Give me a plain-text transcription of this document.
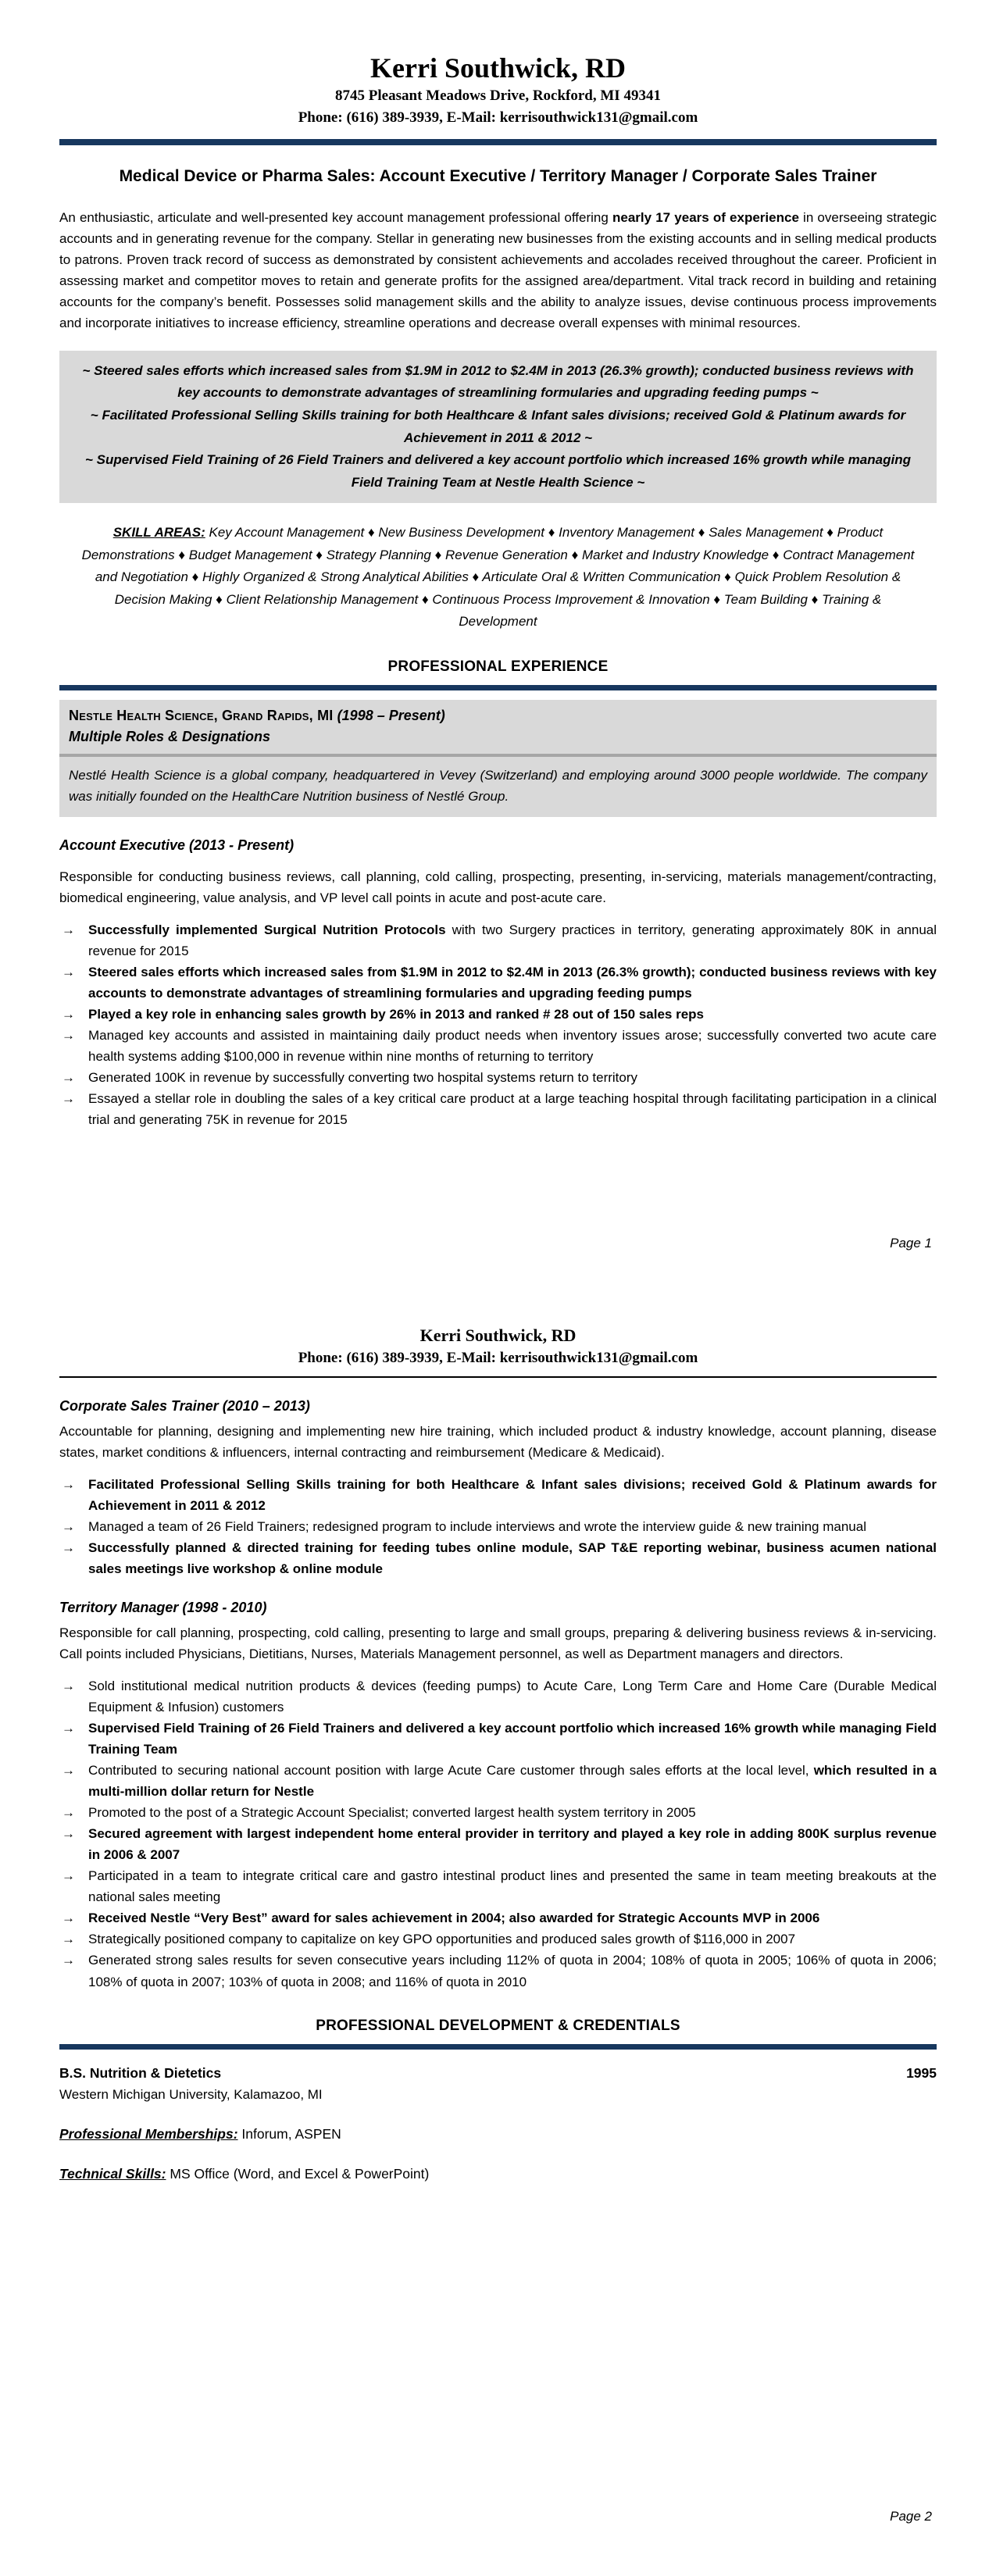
Kerri Southwick, RD
8745 Pleasant Meadows Drive, Rockford, MI 49341
Phone: (616) 389-3939, E-Mail: kerrisouthwick131@gmail.com
Medical Device or Pharma Sales: Account Executive / Territory Manager / Corporate Sales Trainer
An enthusiastic, articulate and well-presented key account management professional offering nearly 17 years of experience in overseeing strategic accounts and in generating revenue for the company. Stellar in generating new businesses from the existing accounts and in selling medical products to patrons. Proven track record of success as demonstrated by consistent achievements and accolades received throughout the career. Proficient in assessing market and competitor moves to retain and generate profits for the assigned area/department. Vital track record in building and retaining accounts for the company’s benefit. Possesses solid management skills and the ability to analyze issues, devise continuous process improvements and incorporate initiatives to increase efficiency, streamline operations and decrease overall expenses with minimal resources.
~ Steered sales efforts which increased sales from $1.9M in 2012 to $2.4M in 2013 (26.3% growth); conducted business reviews with key accounts to demonstrate advantages of streamlining formularies and upgrading feeding pumps ~
~ Facilitated Professional Selling Skills training for both Healthcare & Infant sales divisions; received Gold & Platinum awards for Achievement in 2011 & 2012 ~
~ Supervised Field Training of 26 Field Trainers and delivered a key account portfolio which increased 16% growth while managing Field Training Team at Nestle Health Science ~
SKILL AREAS: Key Account Management ♦ New Business Development ♦ Inventory Management ♦ Sales Management ♦ Product Demonstrations ♦ Budget Management ♦ Strategy Planning ♦ Revenue Generation ♦ Market and Industry Knowledge ♦ Contract Management and Negotiation ♦ Highly Organized & Strong Analytical Abilities ♦ Articulate Oral & Written Communication ♦ Quick Problem Resolution & Decision Making ♦ Client Relationship Management ♦ Continuous Process Improvement & Innovation ♦ Team Building ♦ Training & Development
PROFESSIONAL EXPERIENCE
Nestle Health Science, Grand Rapids, MI (1998 – Present)
Multiple Roles & Designations
Nestlé Health Science is a global company, headquartered in Vevey (Switzerland) and employing around 3000 people worldwide. The company was initially founded on the HealthCare Nutrition business of Nestlé Group.
Account Executive (2013 - Present)
Responsible for conducting business reviews, call planning, cold calling, prospecting, presenting, in-servicing, materials management/contracting, biomedical engineering, value analysis, and VP level call points in acute and post-acute care.
→	Successfully implemented Surgical Nutrition Protocols with two Surgery practices in territory, generating approximately 80K in annual revenue for 2015
→	Steered sales efforts which increased sales from $1.9M in 2012 to $2.4M in 2013 (26.3% growth); conducted business reviews with key accounts to demonstrate advantages of streamlining formularies and upgrading feeding pumps
→	Played a key role in enhancing sales growth by 26% in 2013 and ranked # 28 out of 150 sales reps
→	Managed key accounts and assisted in maintaining daily product needs when inventory issues arose; successfully converted two acute care health systems adding $100,000 in revenue within nine months of returning to territory
→	Generated 100K in revenue by successfully converting two hospital systems return to territory
→	Essayed a stellar role in doubling the sales of a key critical care product at a large teaching hospital through facilitating participation in a clinical trial and generating 75K in revenue for 2015
Page 1
Kerri Southwick, RD
Phone: (616) 389-3939, E-Mail: kerrisouthwick131@gmail.com
Corporate Sales Trainer (2010 – 2013)
Accountable for planning, designing and implementing new hire training, which included product & industry knowledge, account planning, disease states, market conditions & influencers, internal contracting and reimbursement (Medicare & Medicaid).
→	Facilitated Professional Selling Skills training for both Healthcare & Infant sales divisions; received Gold & Platinum awards for Achievement in 2011 & 2012
→	Managed a team of 26 Field Trainers; redesigned program to include interviews and wrote the interview guide & new training manual
→	Successfully planned & directed training for feeding tubes online module, SAP T&E reporting webinar, business acumen national sales meetings live workshop & online module
Territory Manager (1998 - 2010)
Responsible for call planning, prospecting, cold calling, presenting to large and small groups, preparing & delivering business reviews & in-servicing. Call points included Physicians, Dietitians, Nurses, Materials Management personnel, as well as Department managers and directors.
→	Sold institutional medical nutrition products & devices (feeding pumps) to Acute Care, Long Term Care and Home Care (Durable Medical Equipment & Infusion) customers
→	Supervised Field Training of 26 Field Trainers and delivered a key account portfolio which increased 16% growth while managing Field Training Team
→	Contributed to securing national account position with large Acute Care customer through sales efforts at the local level, which resulted in a multi-million dollar return for Nestle
→	Promoted to the post of a Strategic Account Specialist; converted largest health system territory in 2005
→	Secured agreement with largest independent home enteral provider in territory and played a key role in adding 800K surplus revenue in 2006 & 2007
→	Participated in a team to integrate critical care and gastro intestinal product lines and presented the same in team meeting breakouts at the national sales meeting
→	Received Nestle “Very Best” award for sales achievement in 2004; also awarded for Strategic Accounts MVP in 2006
→	Strategically positioned company to capitalize on key GPO opportunities and produced sales growth of $116,000 in 2007
→	Generated strong sales results for seven consecutive years including 112% of quota in 2004; 108% of quota in 2005; 106% of quota in 2006; 108% of quota in 2007; 103% of quota in 2008; and 116% of quota in 2010
PROFESSIONAL DEVELOPMENT & CREDENTIALS
B.S. Nutrition & Dietetics	1995
Western Michigan University, Kalamazoo, MI
Professional Memberships: Inforum, ASPEN
Technical Skills: MS Office (Word, and Excel & PowerPoint)
Page 2
